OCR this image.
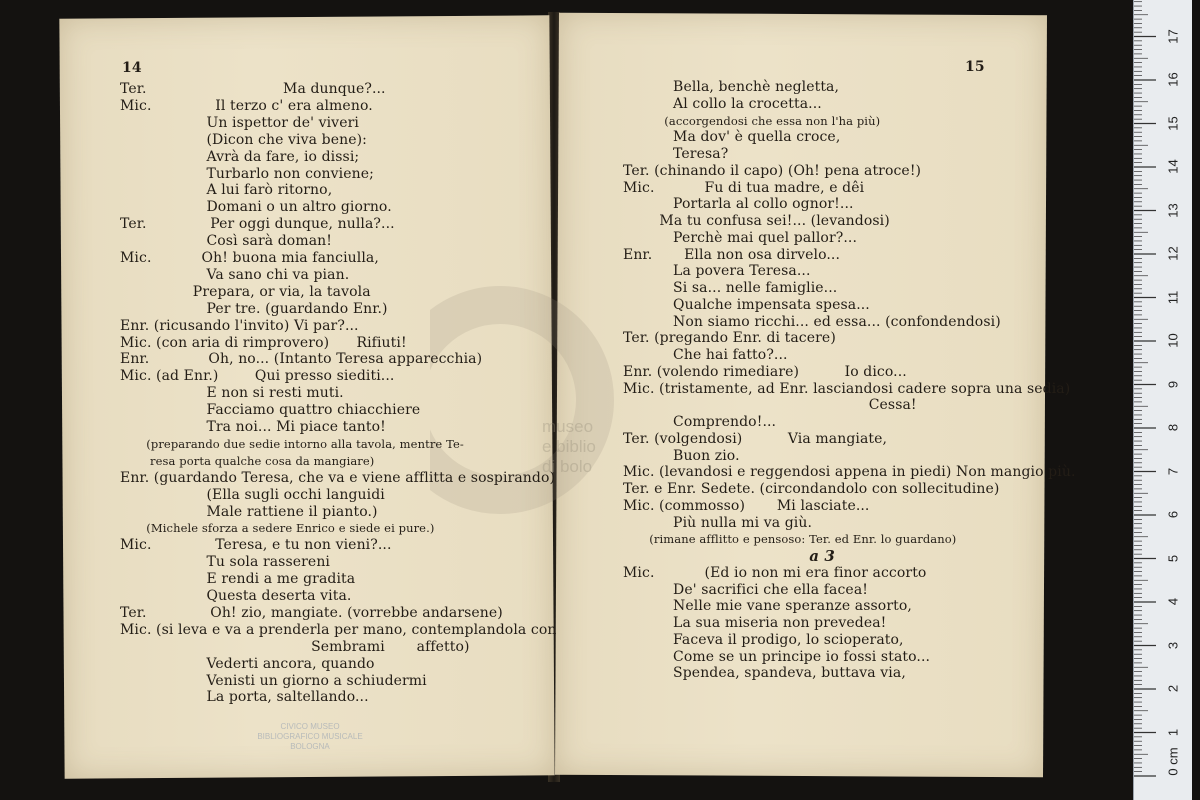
museo
e biblio
di bolo
CIVICO MUSEO
BIBLIOGRAFICO MUSICALE
BOLOGNA
14
Ter.                              Ma dunque?...
Mic.              Il terzo c' era almeno.
Un ispettor de' viveri
(Dicon che viva bene):
Avrà da fare, io dissi;
Turbarlo non conviene;
A lui farò ritorno,
Domani o un altro giorno.
Ter.              Per oggi dunque, nulla?...
Così sarà doman!
Mic.           Oh! buona mia fanciulla,
Va sano chi va pian.
Prepara, or via, la tavola
Per tre. (guardando Enr.)
Enr. (ricusando l'invito) Vi par?...
Mic. (con aria di rimprovero)      Rifiuti!
Enr.             Oh, no... (Intanto Teresa apparecchia)
Mic. (ad Enr.)        Qui presso siediti...
E non si resti muti.
Facciamo quattro chiacchiere
Tra noi... Mi piace tanto!
(preparando due sedie intorno alla tavola, mentre Te-
resa porta qualche cosa da mangiare)
Enr. (guardando Teresa, che va e viene afflitta e sospirando)
(Ella sugli occhi languidi
Male rattiene il pianto.)
(Michele sforza a sedere Enrico e siede ei pure.)
Mic.              Teresa, e tu non vieni?...
Tu sola rassereni
E rendi a me gradita
Questa deserta vita.
Ter.              Oh! zio, mangiate. (vorrebbe andarsene)
Mic. (si leva e va a prenderla per mano, contemplandola con
Sembrami       affetto)
Vederti ancora, quando
Venisti un giorno a schiudermi
La porta, saltellando...
15
Bella, benchè negletta,
Al collo la crocetta...
(accorgendosi che essa non l'ha più)
Ma dov' è quella croce,
Teresa?
Ter. (chinando il capo) (Oh! pena atroce!)
Mic.           Fu di tua madre, e dêi
Portarla al collo ognor!...
Ma tu confusa sei!... (levandosi)
Perchè mai quel pallor?...
Enr.       Ella non osa dirvelo...
La povera Teresa...
Si sa... nelle famiglie...
Qualche impensata spesa...
Non siamo ricchi... ed essa... (confondendosi)
Ter. (pregando Enr. di tacere)
Che hai fatto?...
Enr. (volendo rimediare)          Io dico...
Mic. (tristamente, ad Enr. lasciandosi cadere sopra una sedia)
Cessa!
Comprendo!...
Ter. (volgendosi)          Via mangiate,
Buon zio.
Mic. (levandosi e reggendosi appena in piedi) Non mangio più.
Ter. e Enr. Sedete. (circondandolo con sollecitudine)
Mic. (commosso)       Mi lasciate...
Più nulla mi va giù.
(rimane afflitto e pensoso: Ter. ed Enr. lo guardano)
a 3
Mic.           (Ed io non mi era finor accorto
De' sacrifici che ella facea!
Nelle mie vane speranze assorto,
La sua miseria non prevedea!
Faceva il prodigo, lo scioperato,
Come se un principe io fossi stato...
Spendea, spandeva, buttava via,
0 cm
1
2
3
4
5
6
7
8
9
10
11
12
13
14
15
16
17
